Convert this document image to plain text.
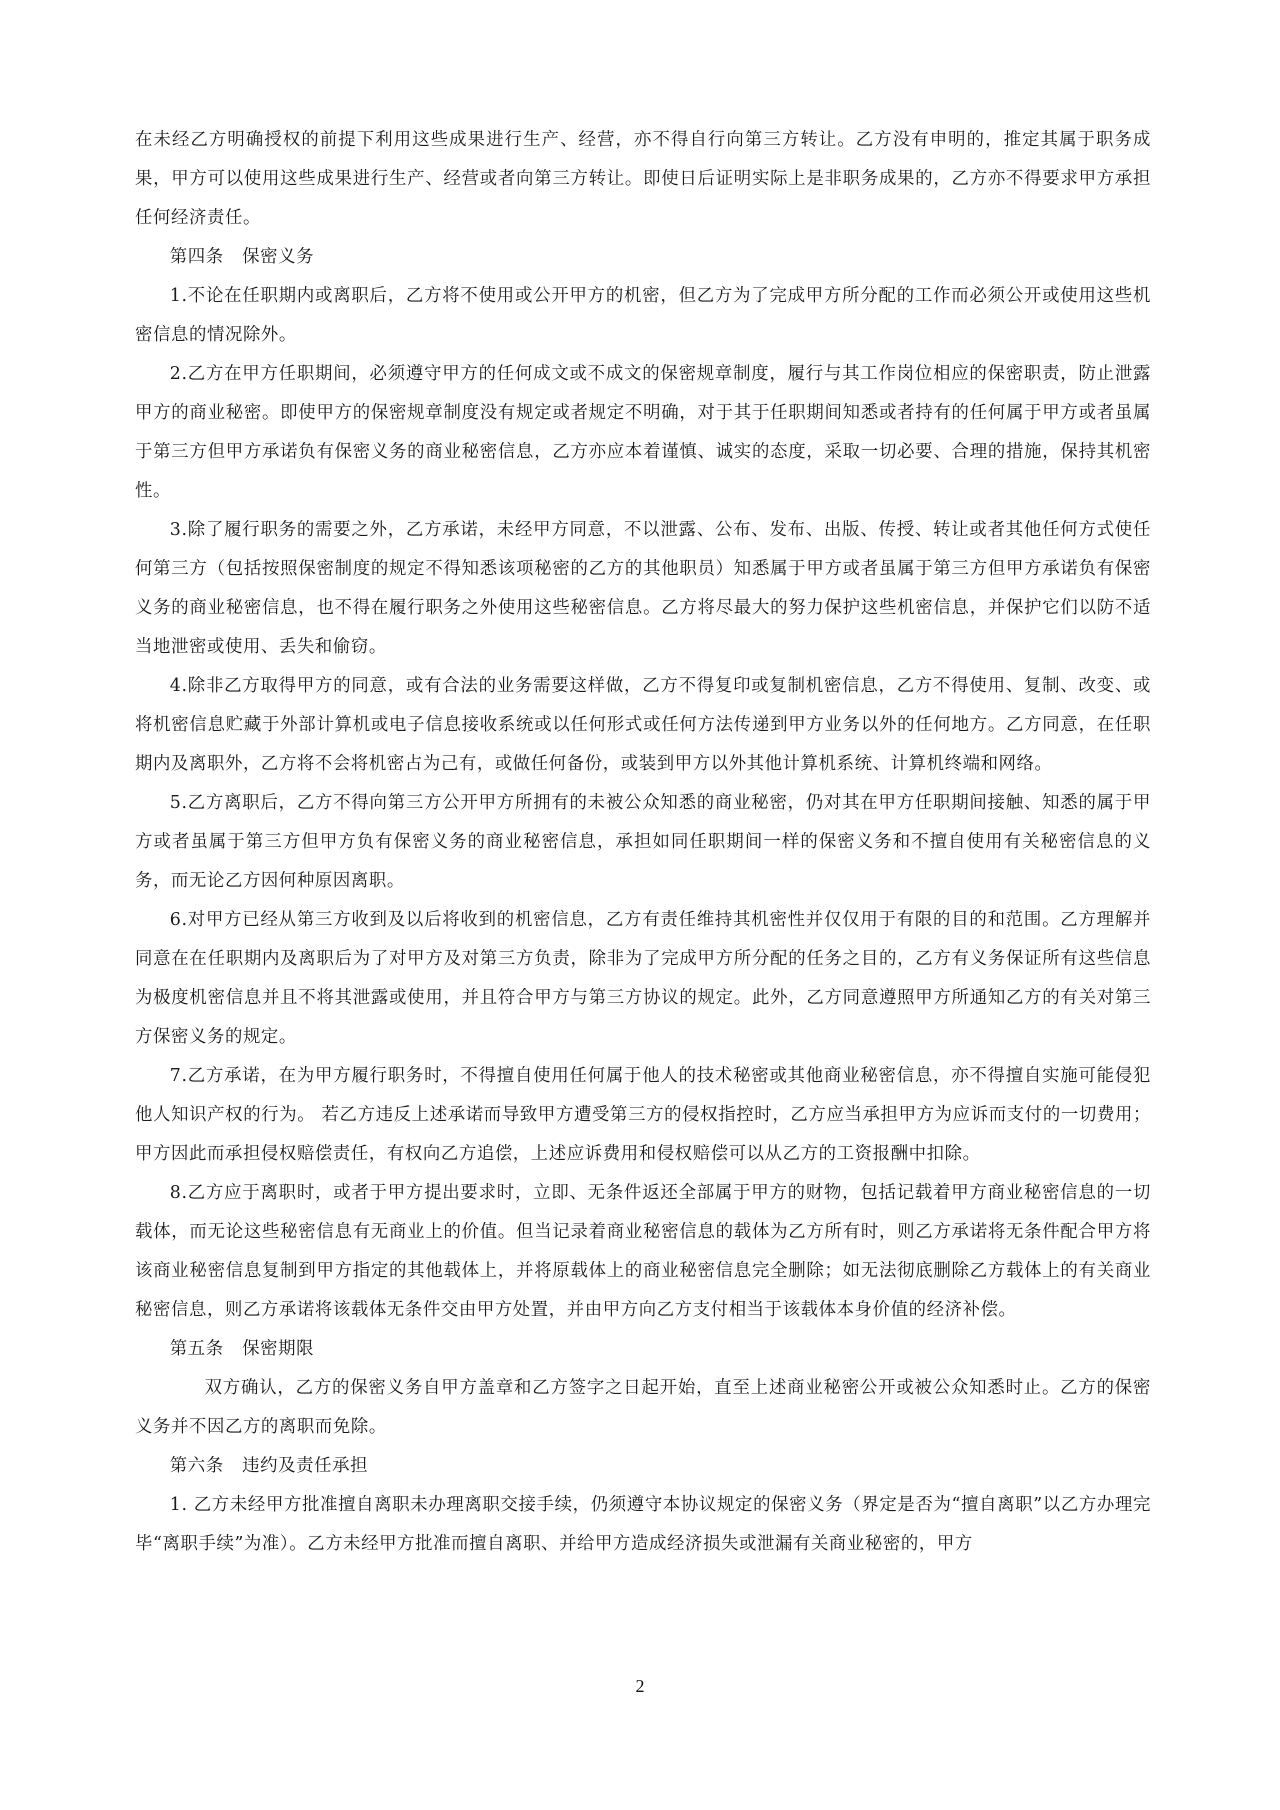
在未经乙方明确授权的前提下利用这些成果进行生产、经营，亦不得自行向第三方转让。乙方没有申明的，推定其属于职务成果，甲方可以使用这些成果进行生产、经营或者向第三方转让。即使日后证明实际上是非职务成果的，乙方亦不得要求甲方承担任何经济责任。

第四条 保密义务

1.不论在任职期内或离职后，乙方将不使用或公开甲方的机密，但乙方为了完成甲方所分配的工作而必须公开或使用这些机密信息的情况除外。

2.乙方在甲方任职期间，必须遵守甲方的任何成文或不成文的保密规章制度，履行与其工作岗位相应的保密职责，防止泄露甲方的商业秘密。即使甲方的保密规章制度没有规定或者规定不明确，对于其于任职期间知悉或者持有的任何属于甲方或者虽属于第三方但甲方承诺负有保密义务的商业秘密信息，乙方亦应本着谨慎、诚实的态度，采取一切必要、合理的措施，保持其机密性。

3.除了履行职务的需要之外，乙方承诺，未经甲方同意，不以泄露、公布、发布、出版、传授、转让或者其他任何方式使任何第三方（包括按照保密制度的规定不得知悉该项秘密的乙方的其他职员）知悉属于甲方或者虽属于第三方但甲方承诺负有保密义务的商业秘密信息，也不得在履行职务之外使用这些秘密信息。乙方将尽最大的努力保护这些机密信息，并保护它们以防不适当地泄密或使用、丢失和偷窃。

4.除非乙方取得甲方的同意，或有合法的业务需要这样做，乙方不得复印或复制机密信息，乙方不得使用、复制、改变、或将机密信息贮藏于外部计算机或电子信息接收系统或以任何形式或任何方法传递到甲方业务以外的任何地方。乙方同意，在任职期内及离职外，乙方将不会将机密占为己有，或做任何备份，或装到甲方以外其他计算机系统、计算机终端和网络。

5.乙方离职后，乙方不得向第三方公开甲方所拥有的未被公众知悉的商业秘密，仍对其在甲方任职期间接触、知悉的属于甲方或者虽属于第三方但甲方负有保密义务的商业秘密信息，承担如同任职期间一样的保密义务和不擅自使用有关秘密信息的义务，而无论乙方因何种原因离职。

6.对甲方已经从第三方收到及以后将收到的机密信息，乙方有责任维持其机密性并仅仅用于有限的目的和范围。乙方理解并同意在在任职期内及离职后为了对甲方及对第三方负责，除非为了完成甲方所分配的任务之目的，乙方有义务保证所有这些信息为极度机密信息并且不将其泄露或使用，并且符合甲方与第三方协议的规定。此外，乙方同意遵照甲方所通知乙方的有关对第三方保密义务的规定。

7.乙方承诺，在为甲方履行职务时，不得擅自使用任何属于他人的技术秘密或其他商业秘密信息，亦不得擅自实施可能侵犯他人知识产权的行为。 若乙方违反上述承诺而导致甲方遭受第三方的侵权指控时，乙方应当承担甲方为应诉而支付的一切费用；甲方因此而承担侵权赔偿责任，有权向乙方追偿，上述应诉费用和侵权赔偿可以从乙方的工资报酬中扣除。

8.乙方应于离职时，或者于甲方提出要求时，立即、无条件返还全部属于甲方的财物，包括记载着甲方商业秘密信息的一切载体，而无论这些秘密信息有无商业上的价值。但当记录着商业秘密信息的载体为乙方所有时，则乙方承诺将无条件配合甲方将该商业秘密信息复制到甲方指定的其他载体上，并将原载体上的商业秘密信息完全删除；如无法彻底删除乙方载体上的有关商业秘密信息，则乙方承诺将该载体无条件交由甲方处置，并由甲方向乙方支付相当于该载体本身价值的经济补偿。

第五条 保密期限

双方确认，乙方的保密义务自甲方盖章和乙方签字之日起开始，直至上述商业秘密公开或被公众知悉时止。乙方的保密义务并不因乙方的离职而免除。

第六条 违约及责任承担

1. 乙方未经甲方批准擅自离职未办理离职交接手续，仍须遵守本协议规定的保密义务（界定是否为“擅自离职”以乙方办理完毕“离职手续”为准）。乙方未经甲方批准而擅自离职、并给甲方造成经济损失或泄漏有关商业秘密的，甲方

2
